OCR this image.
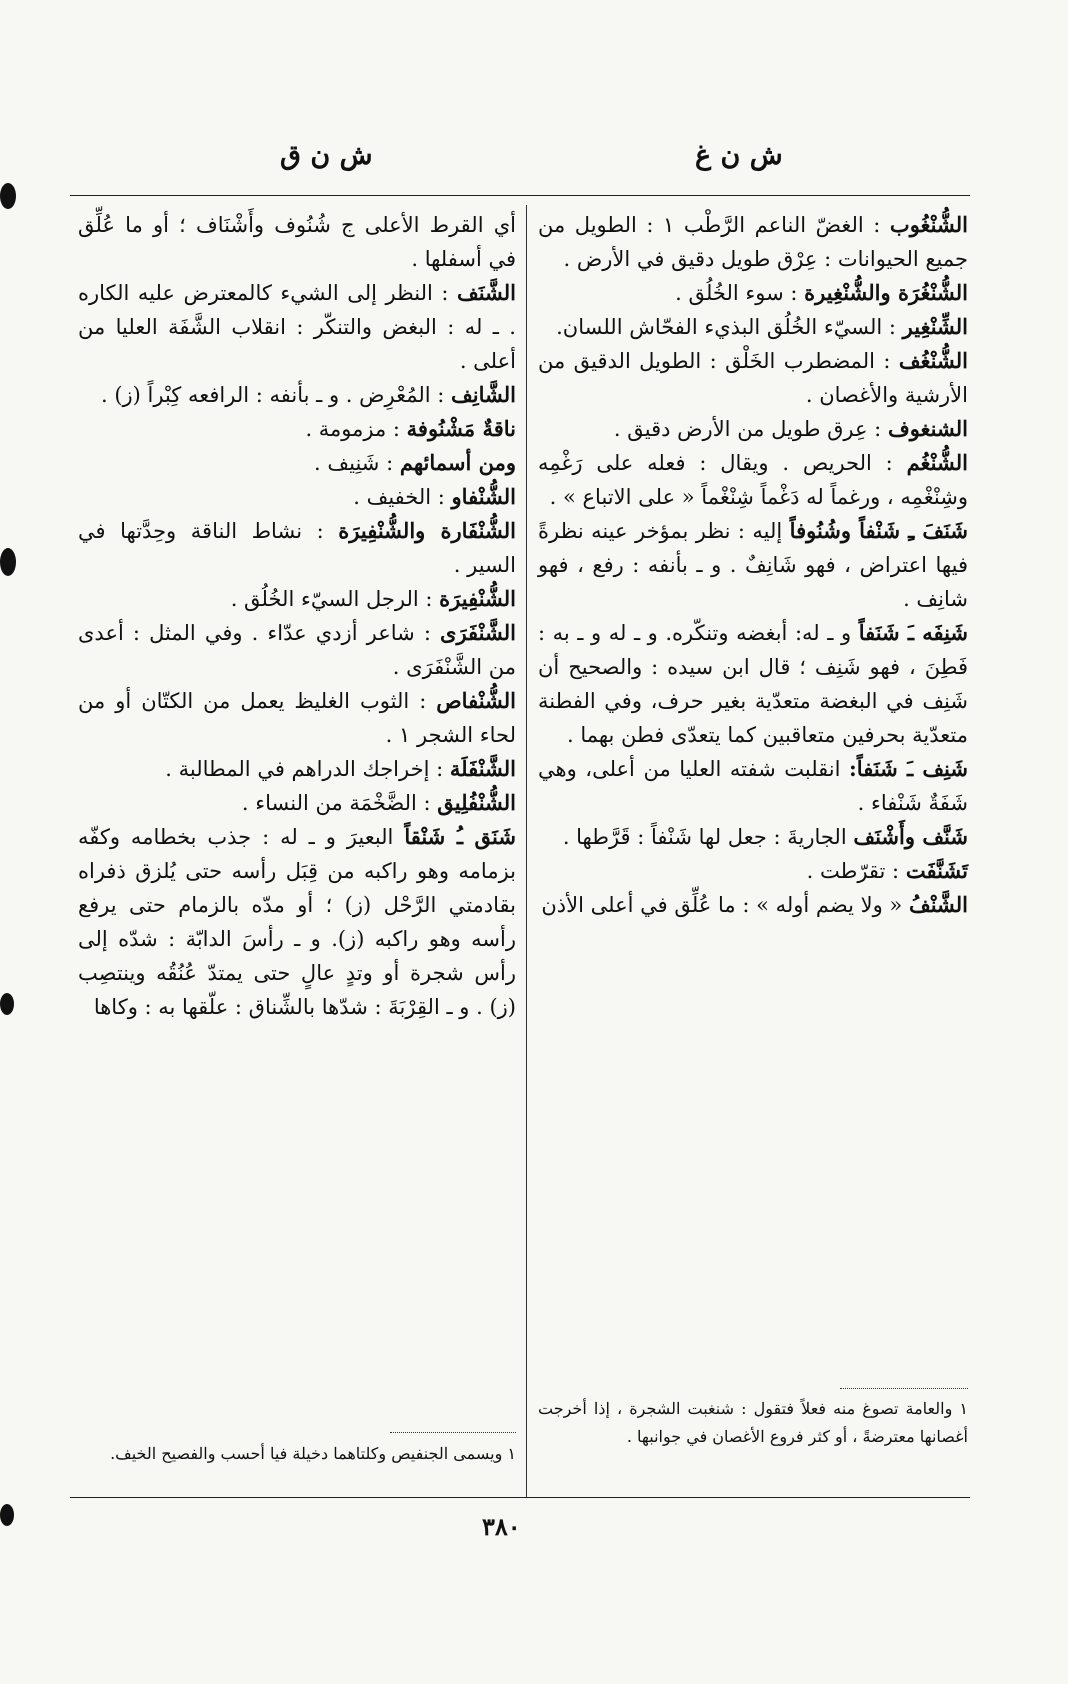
ش ن غ
ش ن ق

الشُّنْغُوب : الغضّ الناعم الرَّطْب ١ : الطويل من جميع الحيوانات : عِرْق طويل دقيق في الأرض .

الشُّنْغُرَة والشُّنْغِيرة : سوء الخُلُق .

الشِّنْغِير : السيّء الخُلُق البذيء الفحّاش اللسان.

الشُّنْغُف : المضطرب الخَلْق : الطويل الدقيق من الأرشية والأغصان .

الشنغوف : عِرق طويل من الأرض دقيق .

الشُّنْغُم : الحريص . ويقال : فعله على رَغْمِه وشِنْغْمِه ، ورغماً له دَغْماً شِنْغْماً « على الاتباع » .

شَنَفَ ـِ شَنْفاً وشُنُوفاً إليه : نظر بمؤخر عينه نظرةً فيها اعتراض ، فهو شَانِفٌ . و ـ بأنفه : رفع ، فهو شانِف .

شَنِفَه ـَ شَنَفاً و ـ له: أبغضه وتنكّره. و ـ له و ـ به : فَطِنَ ، فهو شَنِف ؛ قال ابن سيده : والصحيح أن شَنِف في البغضة متعدّية بغير حرف، وفي الفطنة متعدّية بحرفين متعاقبين كما يتعدّى فطن بهما .

شَنِف ـَ شَنَفاً: انقلبت شفته العليا من أعلى، وهي شَفَةٌ شَنْفاء .

شَنَّف وأَشْنَف الجاريةَ : جعل لها شَنْفاً : قَرَّطها .

تَشَنَّفَت : تقرّطت .

الشَّنْفُ « ولا يضم أوله » : ما عُلِّق في أعلى الأذن

أي القرط الأعلى ج شُنُوف وأَشْنَاف ؛ أو ما عُلِّق في أسفلها .

الشَّنَف : النظر إلى الشيء كالمعترض عليه الكاره . ـ له : البغض والتنكّر : انقلاب الشَّفَة العليا من أعلى .

الشَّانِف : المُعْرِض . و ـ بأنفه : الرافعه كِبْراً (ز) .

ناقةٌ مَشْنُوفة : مزمومة .

ومن أسمائهم : شَنِيف .

الشُّنْفاو : الخفيف .

الشُّنْفَارة والشُّنْفِيرَة : نشاط الناقة وحِدَّتها في السير .

الشُّنْفِيرَة : الرجل السيّء الخُلُق .

الشَّنْفَرَى : شاعر أزدي عدّاء . وفي المثل : أعدى من الشَّنْفَرَى .

الشُّنْفاص : الثوب الغليظ يعمل من الكتّان أو من لحاء الشجر ١ .

الشَّنْفَلَة : إخراجك الدراهم في المطالبة .

الشُّنْفُلِيق : الضَّخْمَة من النساء .

شَنَق ـُ شَنْقاً البعيرَ و ـ له : جذب بخطامه وكفّه بزمامه وهو راكبه من قِبَل رأسه حتى يُلزق ذفراه بقادمتي الرَّحْل (ز) ؛ أو مدّه بالزمام حتى يرفع رأسه وهو راكبه (ز). و ـ رأسَ الدابّة : شدّه إلى رأس شجرة أو وتدٍ عالٍ حتى يمتدّ عُنُقُه وينتصِب (ز) . و ـ القِرْبَةَ : شدّها بالشِّناق : علّقها به : وكاها

١ والعامة تصوغ منه فعلاً فتقول : شنغبت الشجرة ، إذا أخرجت أغصانها معترضةً ، أو كثر فروع الأغصان في جوانبها .
١ ويسمى الجنفيص وكلتاهما دخيلة فيا أحسب والفصيح الخيف.
٣٨٠
